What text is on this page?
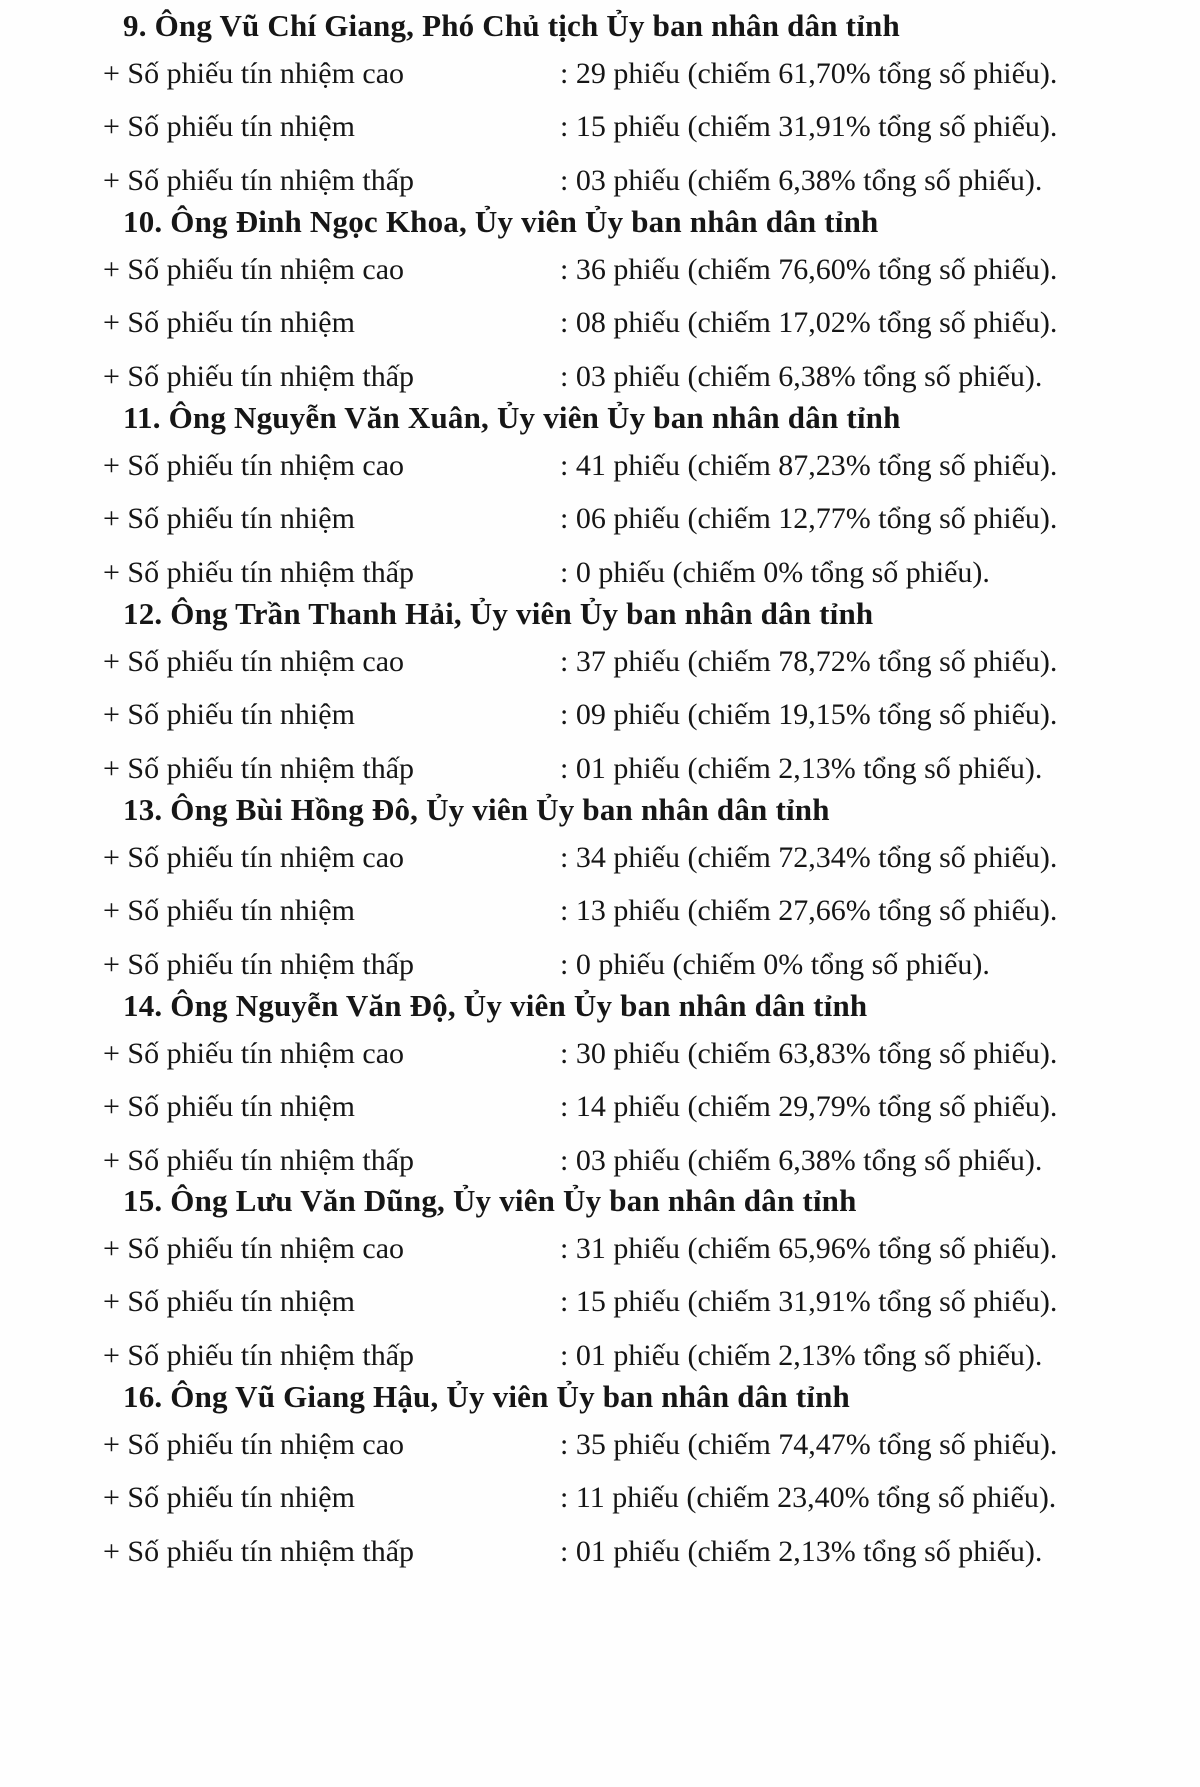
9. Ông Vũ Chí Giang, Phó Chủ tịch Ủy ban nhân dân tỉnh
+ Số phiếu tín nhiệm cao	: 29 phiếu (chiếm 61,70% tổng số phiếu).
+ Số phiếu tín nhiệm	: 15 phiếu (chiếm 31,91% tổng số phiếu).
+ Số phiếu tín nhiệm thấp	: 03 phiếu (chiếm 6,38% tổng số phiếu).
10. Ông Đinh Ngọc Khoa, Ủy viên Ủy ban nhân dân tỉnh
+ Số phiếu tín nhiệm cao	: 36 phiếu (chiếm 76,60% tổng số phiếu).
+ Số phiếu tín nhiệm	: 08 phiếu (chiếm 17,02% tổng số phiếu).
+ Số phiếu tín nhiệm thấp	: 03 phiếu (chiếm 6,38% tổng số phiếu).
11. Ông Nguyễn Văn Xuân, Ủy viên Ủy ban nhân dân tỉnh
+ Số phiếu tín nhiệm cao	: 41 phiếu (chiếm 87,23% tổng số phiếu).
+ Số phiếu tín nhiệm	: 06 phiếu (chiếm 12,77% tổng số phiếu).
+ Số phiếu tín nhiệm thấp	: 0 phiếu (chiếm 0% tổng số phiếu).
12. Ông Trần Thanh Hải, Ủy viên Ủy ban nhân dân tỉnh
+ Số phiếu tín nhiệm cao	: 37 phiếu (chiếm 78,72% tổng số phiếu).
+ Số phiếu tín nhiệm	: 09 phiếu (chiếm 19,15% tổng số phiếu).
+ Số phiếu tín nhiệm thấp	: 01 phiếu (chiếm 2,13% tổng số phiếu).
13. Ông Bùi Hồng Đô, Ủy viên Ủy ban nhân dân tỉnh
+ Số phiếu tín nhiệm cao	: 34 phiếu (chiếm 72,34% tổng số phiếu).
+ Số phiếu tín nhiệm	: 13 phiếu (chiếm 27,66% tổng số phiếu).
+ Số phiếu tín nhiệm thấp	: 0 phiếu (chiếm 0% tổng số phiếu).
14. Ông Nguyễn Văn Độ, Ủy viên Ủy ban nhân dân tỉnh
+ Số phiếu tín nhiệm cao	: 30 phiếu (chiếm 63,83% tổng số phiếu).
+ Số phiếu tín nhiệm	: 14 phiếu (chiếm 29,79% tổng số phiếu).
+ Số phiếu tín nhiệm thấp	: 03 phiếu (chiếm 6,38% tổng số phiếu).
15. Ông Lưu Văn Dũng, Ủy viên Ủy ban nhân dân tỉnh
+ Số phiếu tín nhiệm cao	: 31 phiếu (chiếm 65,96% tổng số phiếu).
+ Số phiếu tín nhiệm	: 15 phiếu (chiếm 31,91% tổng số phiếu).
+ Số phiếu tín nhiệm thấp	: 01 phiếu (chiếm 2,13% tổng số phiếu).
16. Ông Vũ Giang Hậu, Ủy viên Ủy ban nhân dân tỉnh
+ Số phiếu tín nhiệm cao	: 35 phiếu (chiếm 74,47% tổng số phiếu).
+ Số phiếu tín nhiệm	: 11 phiếu (chiếm 23,40% tổng số phiếu).
+ Số phiếu tín nhiệm thấp	: 01 phiếu (chiếm 2,13% tổng số phiếu).
